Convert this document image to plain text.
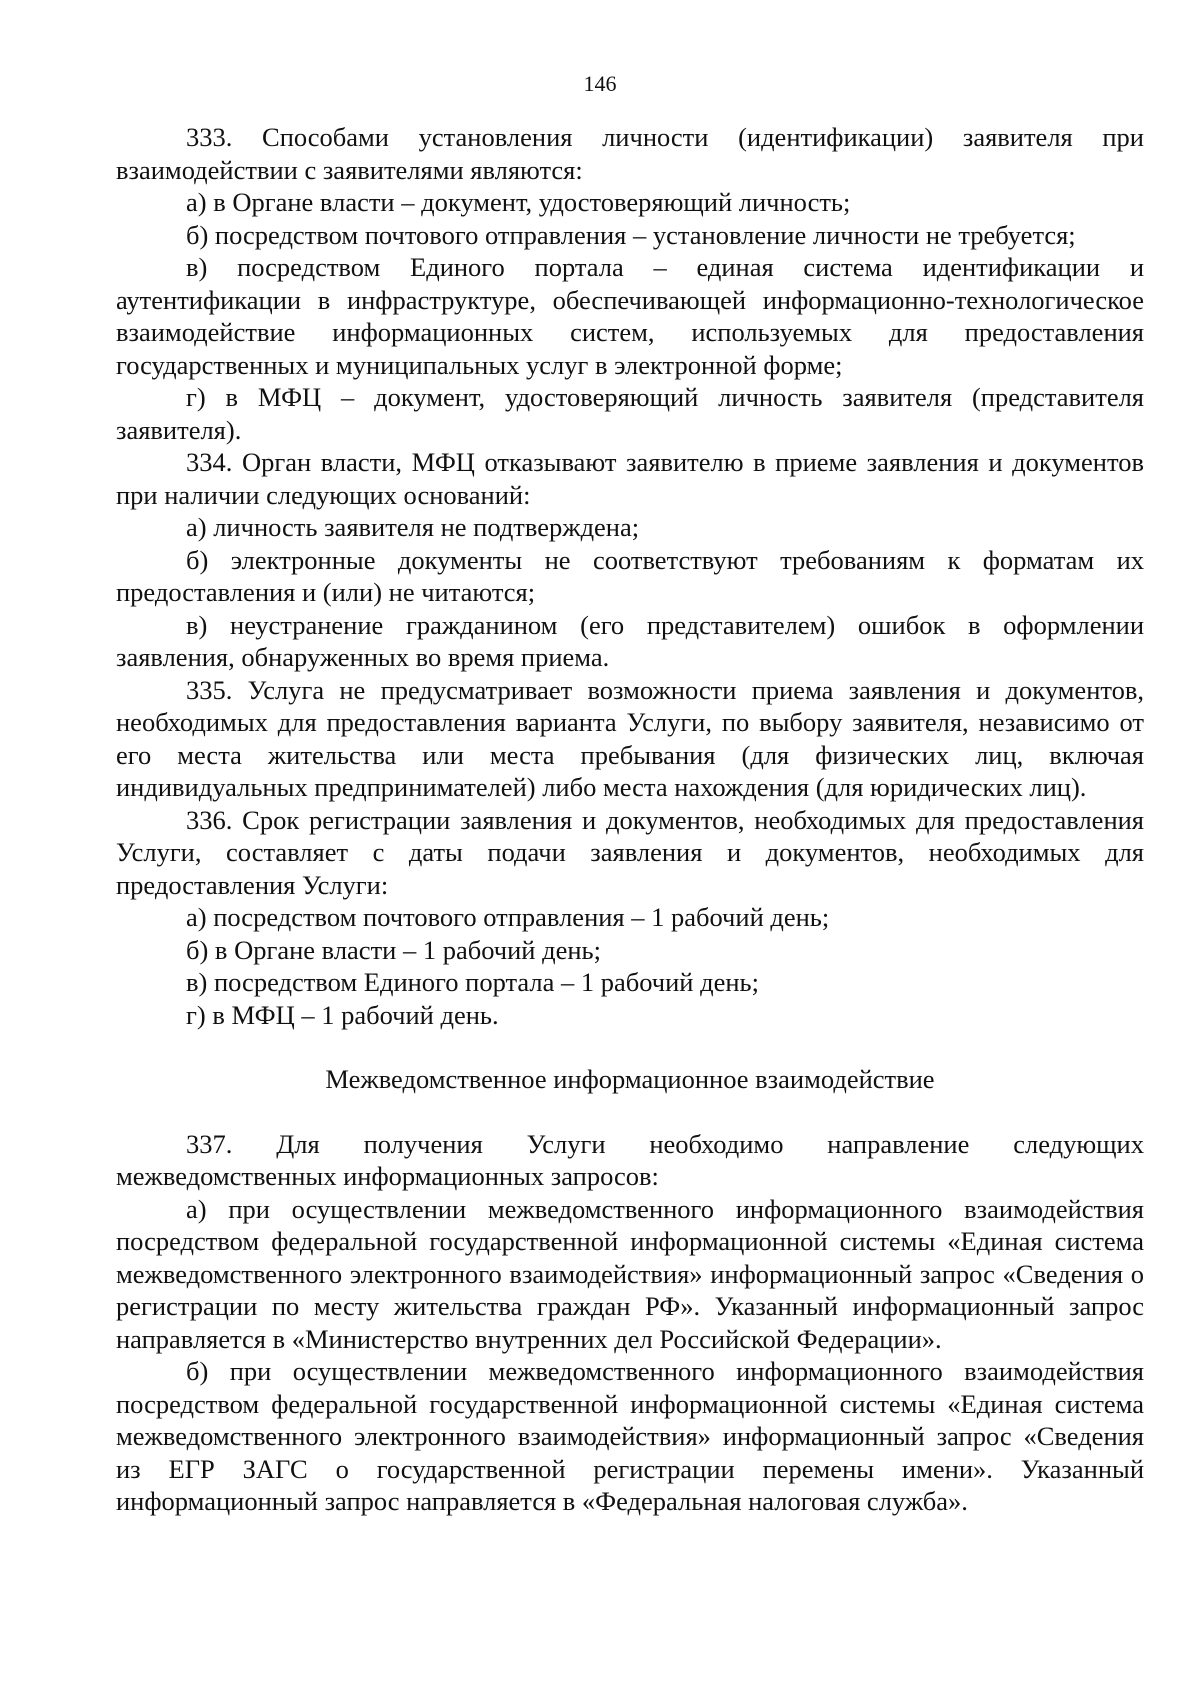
146

333. Способами установления личности (идентификации) заявителя при взаимодействии с заявителями являются:

а) в Органе власти – документ, удостоверяющий личность;

б) посредством почтового отправления – установление личности не требуется;

в) посредством Единого портала – единая система идентификации и аутентификации в инфраструктуре, обеспечивающей информационно-технологическое взаимодействие информационных систем, используемых для предоставления государственных и муниципальных услуг в электронной форме;

г) в МФЦ – документ, удостоверяющий личность заявителя (представителя заявителя).

334. Орган власти, МФЦ отказывают заявителю в приеме заявления и документов при наличии следующих оснований:

а) личность заявителя не подтверждена;

б) электронные документы не соответствуют требованиям к форматам их предоставления и (или) не читаются;

в) неустранение гражданином (его представителем) ошибок в оформлении заявления, обнаруженных во время приема.

335. Услуга не предусматривает возможности приема заявления и документов, необходимых для предоставления варианта Услуги, по выбору заявителя, независимо от его места жительства или места пребывания (для физических лиц, включая индивидуальных предпринимателей) либо места нахождения (для юридических лиц).

336. Срок регистрации заявления и документов, необходимых для предоставления Услуги, составляет с даты подачи заявления и документов, необходимых для предоставления Услуги:

а) посредством почтового отправления – 1 рабочий день;

б) в Органе власти – 1 рабочий день;

в) посредством Единого портала – 1 рабочий день;

г) в МФЦ – 1 рабочий день.

Межведомственное информационное взаимодействие

337. Для получения Услуги необходимо направление следующих межведомственных информационных запросов:

а) при осуществлении межведомственного информационного взаимодействия посредством федеральной государственной информационной системы «Единая система межведомственного электронного взаимодействия» информационный запрос «Сведения о регистрации по месту жительства граждан РФ». Указанный информационный запрос направляется в «Министерство внутренних дел Российской Федерации».

б) при осуществлении межведомственного информационного взаимодействия посредством федеральной государственной информационной системы «Единая система межведомственного электронного взаимодействия» информационный запрос «Сведения из ЕГР ЗАГС о государственной регистрации перемены имени». Указанный информационный запрос направляется в «Федеральная налоговая служба».
